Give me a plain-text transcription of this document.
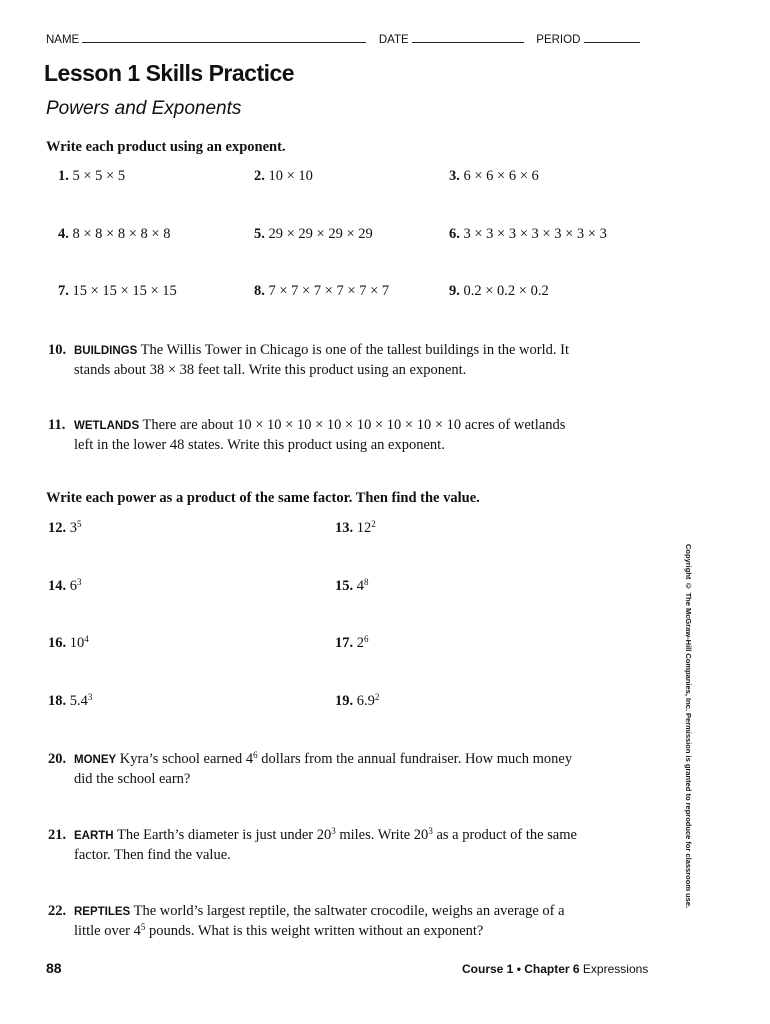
NAME	DATE	PERIOD
Lesson 1 Skills Practice
Powers and Exponents
Write each product using an exponent.
1. 5 × 5 × 5	2. 10 × 10	3. 6 × 6 × 6 × 6
4. 8 × 8 × 8 × 8 × 8	5. 29 × 29 × 29 × 29	6. 3 × 3 × 3 × 3 × 3 × 3 × 3
7. 15 × 15 × 15 × 15	8. 7 × 7 × 7 × 7 × 7 × 7	9. 0.2 × 0.2 × 0.2
10. BUILDINGS The Willis Tower in Chicago is one of the tallest buildings in the world. It
stands about 38 × 38 feet tall. Write this product using an exponent.
11. WETLANDS There are about 10 × 10 × 10 × 10 × 10 × 10 × 10 × 10 acres of wetlands
left in the lower 48 states. Write this product using an exponent.
Write each power as a product of the same factor. Then find the value.
12. $3^5$	13. $12^2$
14. $6^3$	15. $4^8$
16. $10^4$	17. $2^6$
18. $5.4^3$	19. $6.9^2$
20. MONEY Kyra’s school earned $4^6$ dollars from the annual fundraiser. How much money
did the school earn?
21. EARTH The Earth’s diameter is just under $20^3$ miles. Write $20^3$ as a product of the same
factor. Then find the value.
22. REPTILES The world’s largest reptile, the saltwater crocodile, weighs an average of a
little over $4^5$ pounds. What is this weight written without an exponent?
Copyright © The McGraw-Hill Companies, Inc. Permission is granted to reproduce for classroom use.
88	Course 1 • Chapter 6 Expressions
